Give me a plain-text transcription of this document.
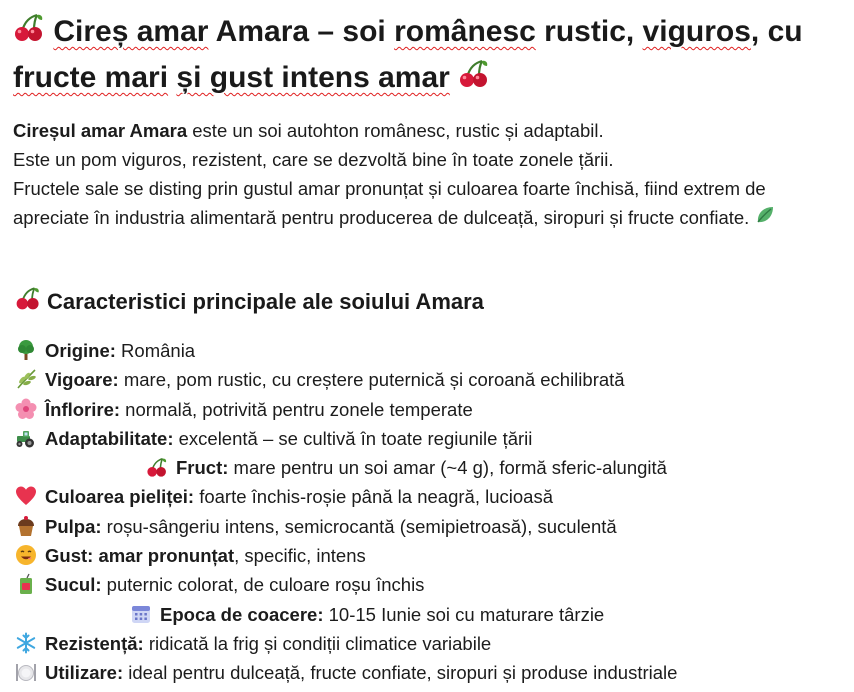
Cireș amar Amara – soi românesc rustic, viguros, cu fructe mari și gust intens amar

Cireșul amar Amara este un soi autohton românesc, rustic și adaptabil.
Este un pom viguros, rezistent, care se dezvoltă bine în toate zonele țării.
Fructele sale se disting prin gustul amar pronunțat și culoarea foarte închisă, fiind extrem de apreciate în industria alimentară pentru producerea de dulceață, siropuri și fructe confiate.

Caracteristici principale ale soiului Amara
Origine: România
Vigoare: mare, pom rustic, cu creștere puternică și coroană echilibrată
Înflorire: normală, potrivită pentru zonele temperate
Adaptabilitate: excelentă – se cultivă în toate regiunile țării
Fruct: mare pentru un soi amar (~4 g), formă sferic-alungită
Culoarea pieliței: foarte închis-roșie până la neagră, lucioasă
Pulpa: roșu-sângeriu intens, semicrocantă (semipietroasă), suculentă
Gust: amar pronunțat, specific, intens
Sucul: puternic colorat, de culoare roșu închis
Epoca de coacere: 10-15 Iunie soi cu maturare târzie
Rezistență: ridicată la frig și condiții climatice variabile
Utilizare: ideal pentru dulceață, fructe confiate, siropuri și produse industriale
